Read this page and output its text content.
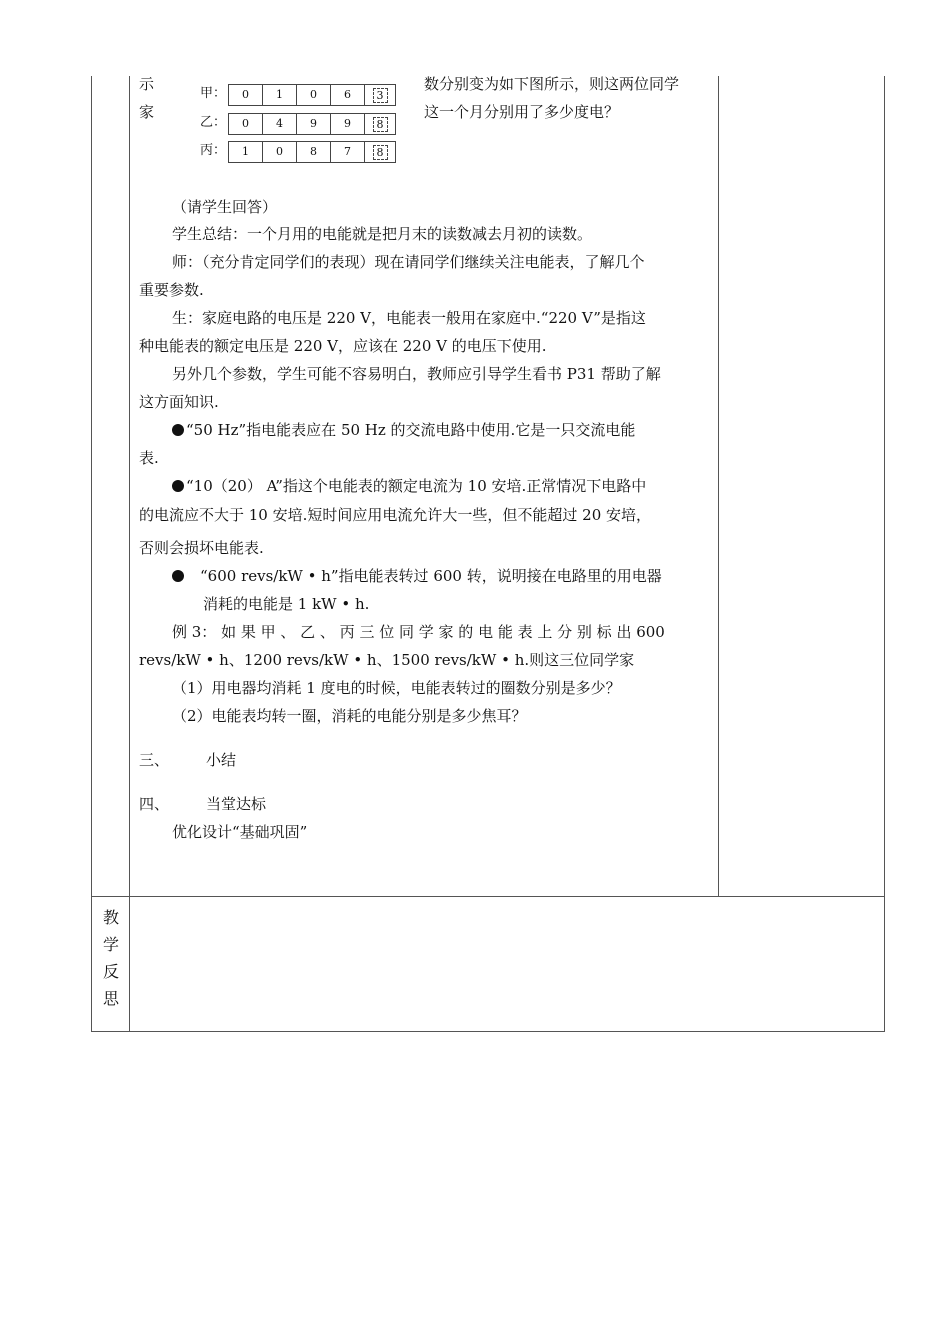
示
家
甲：	0	1	0	6	3
乙：	0	4	9	9	8
丙：	1	0	8	7	8
数分别变为如下图所示，则这两位同学
这一个月分别用了多少度电？
（请学生回答）
学生总结：一个月用的电能就是把月末的读数减去月初的读数。
师：（充分肯定同学们的表现）现在请同学们继续关注电能表，了解几个
重要参数.
生：家庭电路的电压是 220 V，电能表一般用在家庭中.“220 V”是指这
种电能表的额定电压是 220 V，应该在 220 V 的电压下使用.
另外几个参数，学生可能不容易明白，教师应引导学生看书 P31 帮助了解
这方面知识.
“50 Hz”指电能表应在 50 Hz 的交流电路中使用.它是一只交流电能
表.
“10（20） A”指这个电能表的额定电流为 10 安培.正常情况下电路中
的电流应不大于 10 安培.短时间应用电流允许大一些，但不能超过 20 安培，
否则会损坏电能表.
“600 revs/kW • h”指电能表转过 600 转，说明接在电路里的用电器
消耗的电能是 1 kW • h.
例 3： 如 果 甲 、 乙 、 丙 三 位 同 学 家 的 电 能 表 上 分 别 标 出 600
revs/kW • h、1200 revs/kW • h、1500 revs/kW • h.则这三位同学家
（1）用电器均消耗 1 度电的时候，电能表转过的圈数分别是多少？
（2）电能表均转一圈，消耗的电能分别是多少焦耳？
三、 小结
四、 当堂达标
优化设计“基础巩固”
教
学
反
思
